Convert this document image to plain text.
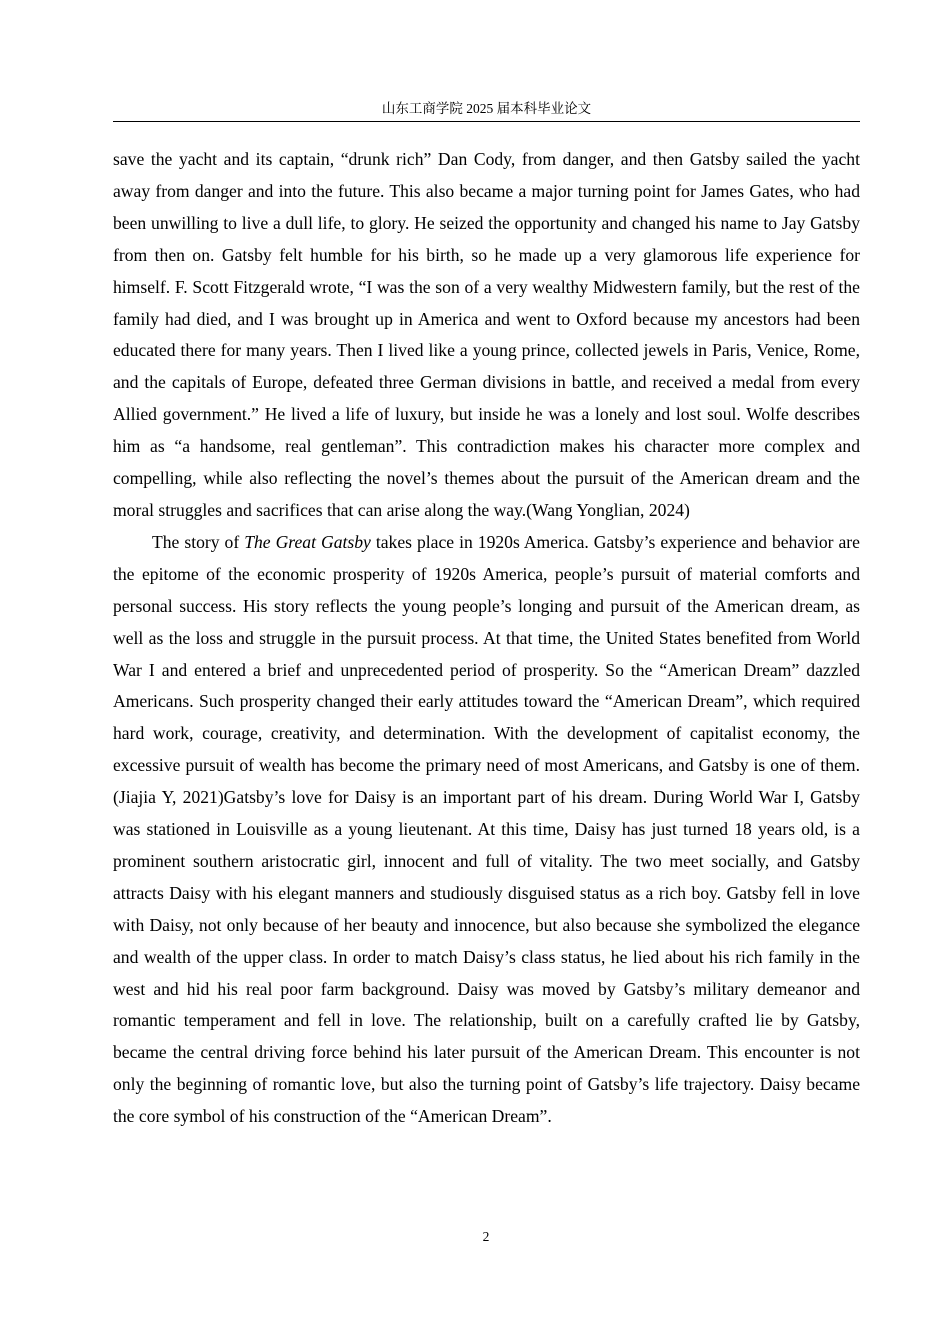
山东工商学院 2025 届本科毕业论文

save the yacht and its captain, “drunk rich” Dan Cody, from danger, and then Gatsby sailed the yacht away from danger and into the future. This also became a major turning point for James Gates, who had been unwilling to live a dull life, to glory. He seized the opportunity and changed his name to Jay Gatsby from then on. Gatsby felt humble for his birth, so he made up a very glamorous life experience for himself. F. Scott Fitzgerald wrote, “I was the son of a very wealthy Midwestern family, but the rest of the family had died, and I was brought up in America and went to Oxford because my ancestors had been educated there for many years. Then I lived like a young prince, collected jewels in Paris, Venice, Rome, and the capitals of Europe, defeated three German divisions in battle, and received a medal from every Allied government.” He lived a life of luxury, but inside he was a lonely and lost soul. Wolfe describes him as “a handsome, real gentleman”. This contradiction makes his character more complex and compelling, while also reflecting the novel’s themes about the pursuit of the American dream and the moral struggles and sacrifices that can arise along the way.(Wang Yonglian, 2024)

The story of The Great Gatsby takes place in 1920s America. Gatsby’s experience and behavior are the epitome of the economic prosperity of 1920s America, people’s pursuit of material comforts and personal success. His story reflects the young people’s longing and pursuit of the American dream, as well as the loss and struggle in the pursuit process. At that time, the United States benefited from World War I and entered a brief and unprecedented period of prosperity. So the “American Dream” dazzled Americans. Such prosperity changed their early attitudes toward the “American Dream”, which required hard work, courage, creativity, and determination. With the development of capitalist economy, the excessive pursuit of wealth has become the primary need of most Americans, and Gatsby is one of them.(Jiajia Y, 2021)Gatsby’s love for Daisy is an important part of his dream. During World War I, Gatsby was stationed in Louisville as a young lieutenant. At this time, Daisy has just turned 18 years old, is a prominent southern aristocratic girl, innocent and full of vitality. The two meet socially, and Gatsby attracts Daisy with his elegant manners and studiously disguised status as a rich boy. Gatsby fell in love with Daisy, not only because of her beauty and innocence, but also because she symbolized the elegance and wealth of the upper class. In order to match Daisy’s class status, he lied about his rich family in the west and hid his real poor farm background. Daisy was moved by Gatsby’s military demeanor and romantic temperament and fell in love. The relationship, built on a carefully crafted lie by Gatsby, became the central driving force behind his later pursuit of the American Dream. This encounter is not only the beginning of romantic love, but also the turning point of Gatsby’s life trajectory. Daisy became the core symbol of his construction of the “American Dream”.

2
